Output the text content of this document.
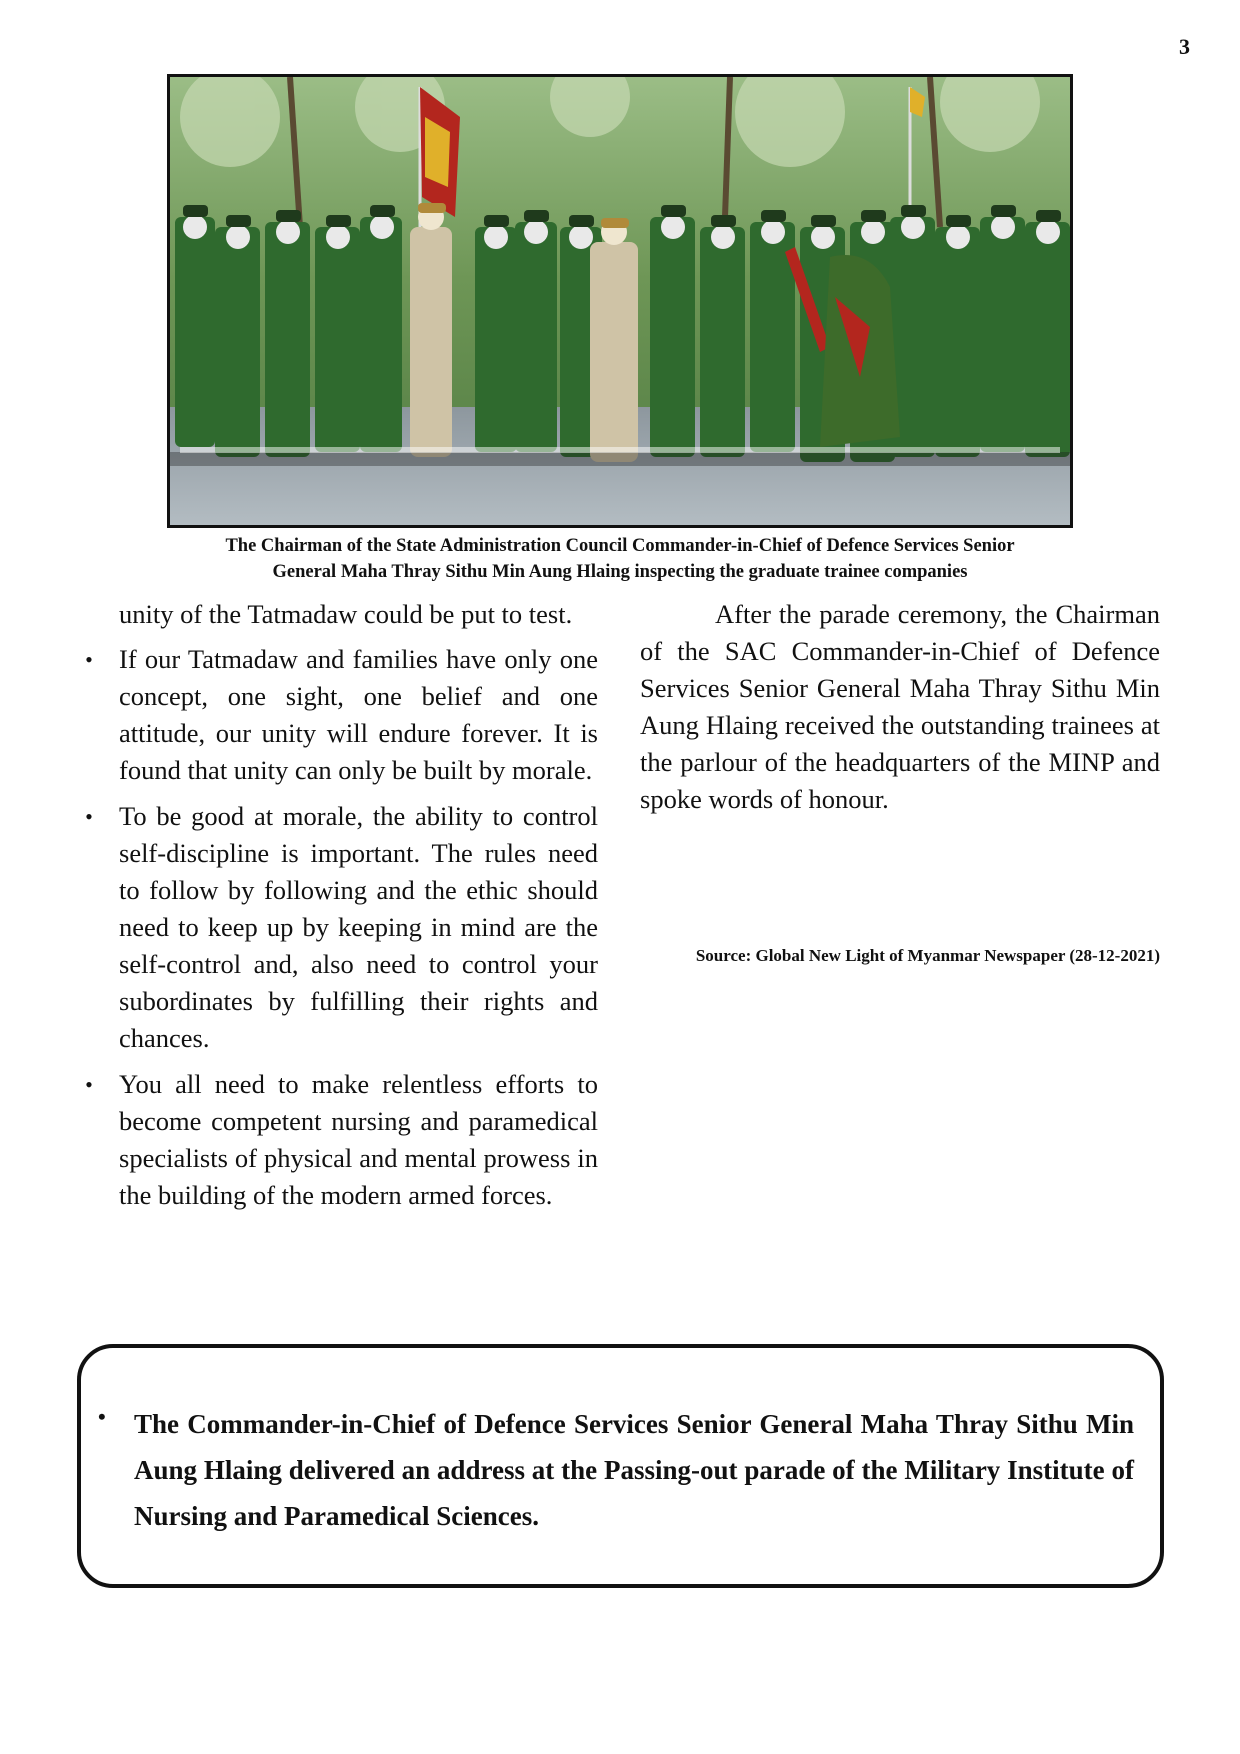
3
The Chairman of the State Administration Council Commander-in-Chief of Defence Services Senior
General Maha Thray Sithu Min Aung Hlaing inspecting the graduate trainee companies

unity of the Tatmadaw could be put to test.

• If our Tatmadaw and families have only one concept, one sight, one belief and one attitude, our unity will endure forever. It is found that unity can only be built by morale.
• To be good at morale, the ability to control self-discipline is important. The rules need to follow by following and the ethic should need to keep up by keeping in mind are the self-control and, also need to control your subordinates by fulfilling their rights and chances.
• You all need to make relentless efforts to become competent nursing and paramedical specialists of physical and mental prowess in the building of the modern armed forces.

After the parade ceremony, the Chairman of the SAC Commander-in-Chief of Defence Services Senior General Maha Thray Sithu Min Aung Hlaing received the outstanding trainees at the parlour of the headquarters of the MINP and spoke words of honour.

Source: Global New Light of Myanmar Newspaper (28-12-2021)
• The Commander-in-Chief of Defence Services Senior General Maha Thray Sithu Min Aung Hlaing delivered an address at the Passing-out parade of the Military Institute of Nursing and Paramedical Sciences.
